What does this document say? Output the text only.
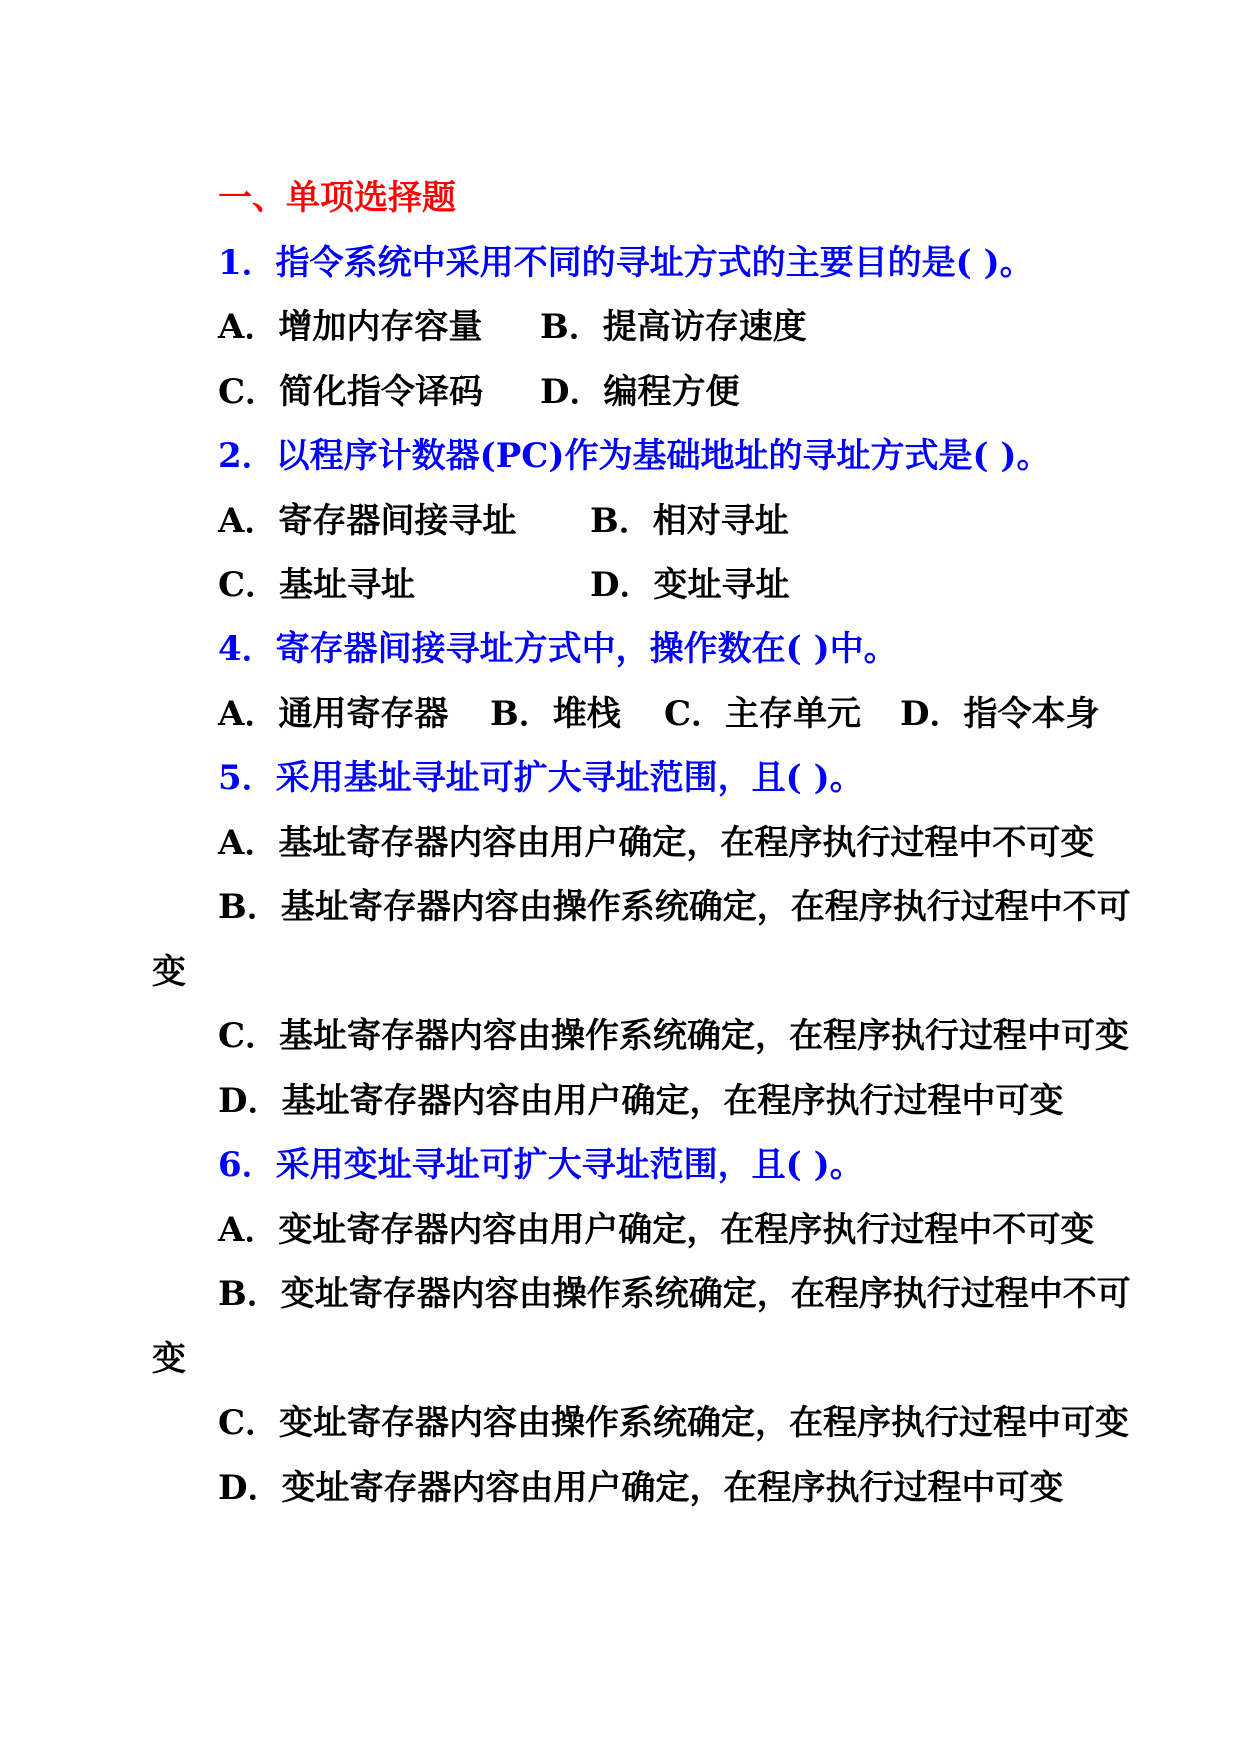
一、单项选择题
1．指令系统中采用不同的寻址方式的主要目的是( )。
A．增加内存容量 B．提高访存速度
C．简化指令译码 D．编程方便
2．以程序计数器(PC)作为基础地址的寻址方式是( )。
A．寄存器间接寻址 B．相对寻址
C．基址寻址	D．变址寻址
4．寄存器间接寻址方式中，操作数在( )中。
A．通用寄存器 B．堆栈 C．主存单元 D．指令本身
5．采用基址寻址可扩大寻址范围，且( )。
A．基址寄存器内容由用户确定，在程序执行过程中不可变
B．基址寄存器内容由操作系统确定，在程序执行过程中不可
变
C．基址寄存器内容由操作系统确定，在程序执行过程中可变
D．基址寄存器内容由用户确定，在程序执行过程中可变
6．采用变址寻址可扩大寻址范围，且( )。
A．变址寄存器内容由用户确定，在程序执行过程中不可变
B．变址寄存器内容由操作系统确定，在程序执行过程中不可
变
C．变址寄存器内容由操作系统确定，在程序执行过程中可变
D．变址寄存器内容由用户确定，在程序执行过程中可变
